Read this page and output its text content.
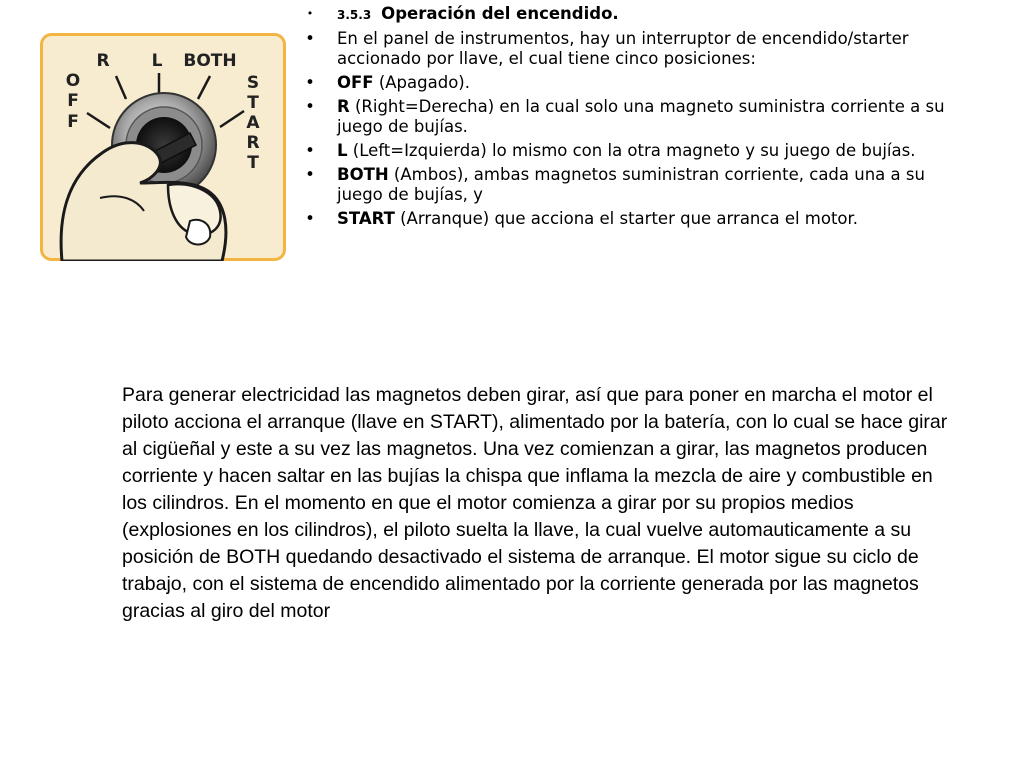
R L BOTH
O
F
F
S
T
A
R
T
•	3.5.3 Operación del encendido.
•	En el panel de instrumentos, hay un interruptor de encendido/starter accionado por llave, el cual tiene cinco posiciones:
•	OFF (Apagado).
•	R (Right=Derecha) en la cual solo una magneto suministra corriente a su juego de bujías.
•	L (Left=Izquierda) lo mismo con la otra magneto y su juego de bujías.
•	BOTH (Ambos), ambas magnetos suministran corriente, cada una a su juego de bujías, y
•	START (Arranque) que acciona el starter que arranca el motor.

Para generar electricidad las magnetos deben girar, así que para poner en marcha el motor el piloto acciona el arranque (llave en START), alimentado por la batería, con lo cual se hace girar al cigüeñal y este a su vez las magnetos. Una vez comienzan a girar, las magnetos producen corriente y hacen saltar en las bujías la chispa que inflama la mezcla de aire y combustible en los cilindros. En el momento en que el motor comienza a girar por su propios medios (explosiones en los cilindros), el piloto suelta la llave, la cual vuelve automauticamente a su posición de BOTH quedando desactivado el sistema de arranque. El motor sigue su ciclo de trabajo, con el sistema de encendido alimentado por la corriente generada por las magnetos gracias al giro del motor
